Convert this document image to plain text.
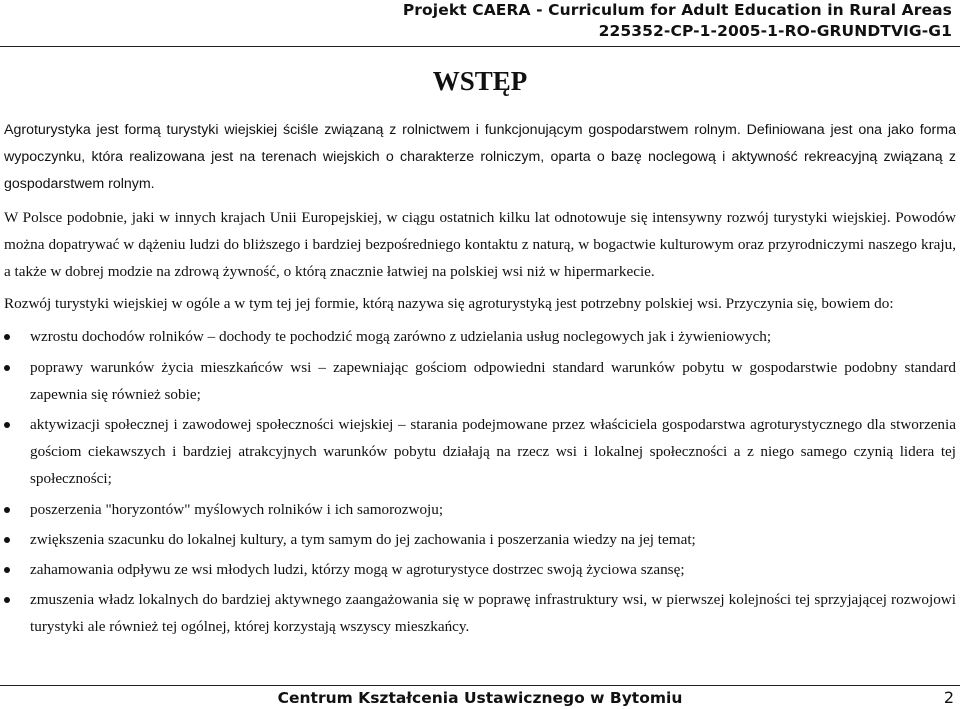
Projekt CAERA - Curriculum for Adult Education in Rural Areas
225352-CP-1-2005-1-RO-GRUNDTVIG-G1
WSTĘP

Agroturystyka jest formą turystyki wiejskiej ściśle związaną z rolnictwem i funkcjonującym gospodarstwem rolnym. Definiowana jest ona jako forma wypoczynku, która realizowana jest na terenach wiejskich o charakterze rolniczym, oparta o bazę noclegową i aktywność rekreacyjną związaną z gospodarstwem rolnym.

W Polsce podobnie, jaki w innych krajach Unii Europejskiej, w ciągu ostatnich kilku lat odnotowuje się intensywny rozwój turystyki wiejskiej. Powodów można dopatrywać w dążeniu ludzi do bliższego i bardziej bezpośredniego kontaktu z naturą, w bogactwie kulturowym oraz przyrodniczymi naszego kraju, a także w dobrej modzie na zdrową żywność, o którą znacznie łatwiej na polskiej wsi niż w hipermarkecie.

Rozwój turystyki wiejskiej w ogóle a w tym tej jej formie, którą nazywa się agroturystyką jest potrzebny polskiej wsi. Przyczynia się, bowiem do:

wzrostu dochodów rolników – dochody te pochodzić mogą zarówno z udzielania usług noclegowych jak i żywieniowych;
poprawy warunków życia mieszkańców wsi – zapewniając gościom odpowiedni standard warunków pobytu w gospodarstwie podobny standard zapewnia się również sobie;
aktywizacji społecznej i zawodowej społeczności wiejskiej – starania podejmowane przez właściciela gospodarstwa agroturystycznego dla stworzenia gościom ciekawszych i bardziej atrakcyjnych warunków pobytu działają na rzecz wsi i lokalnej społeczności a z niego samego czynią lidera tej społeczności;
poszerzenia "horyzontów" myślowych rolników i ich samorozwoju;
zwiększenia szacunku do lokalnej kultury, a tym samym do jej zachowania i poszerzania wiedzy na jej temat;
zahamowania odpływu ze wsi młodych ludzi, którzy mogą w agroturystyce dostrzec swoją życiowa szansę;
zmuszenia władz lokalnych do bardziej aktywnego zaangażowania się w poprawę infrastruktury wsi, w pierwszej kolejności tej sprzyjającej rozwojowi turystyki ale również tej ogólnej, której korzystają wszyscy mieszkańcy.
Centrum Kształcenia Ustawicznego w Bytomiu	2
